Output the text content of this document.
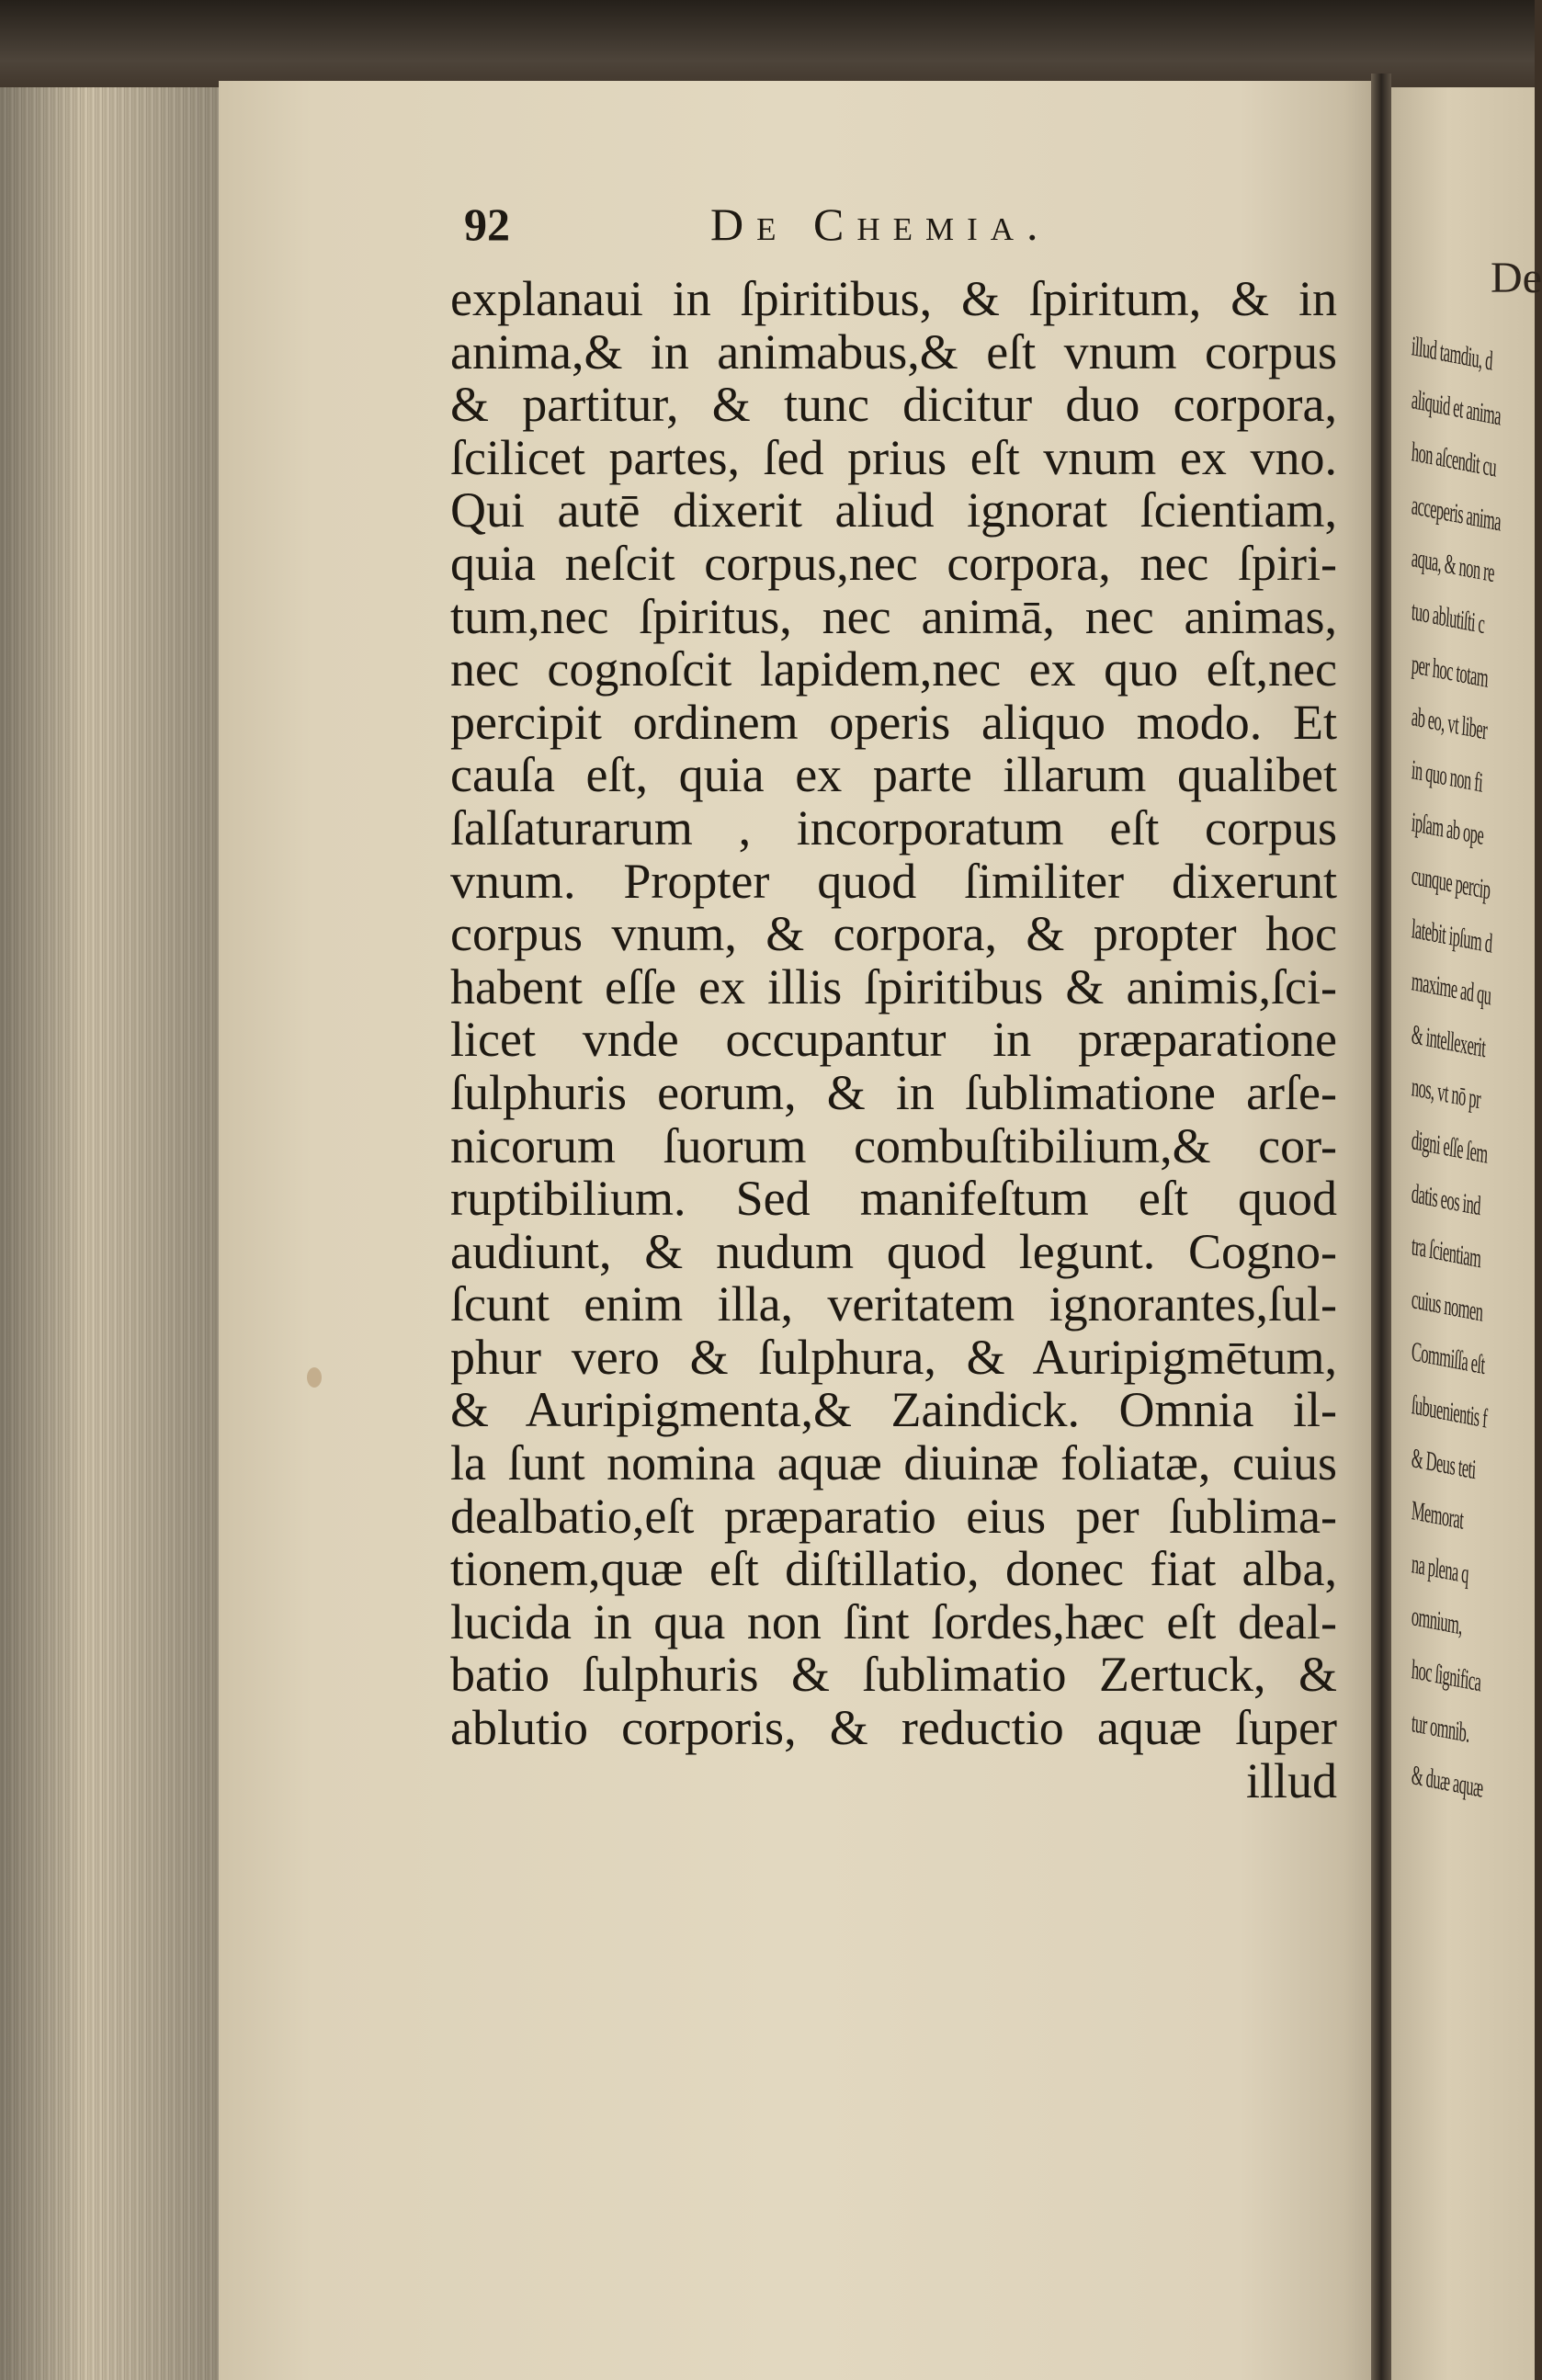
92	De Chemia.
explanaui in ſpiritibus, & ſpiritum, & in
anima,& in animabus,& eſt vnum corpus
& partitur, & tunc dicitur duo corpora,
ſcilicet partes, ſed prius eſt vnum ex vno.
Qui autē dixerit aliud ignorat ſcientiam,
quia neſcit corpus,nec corpora, nec ſpiri-
tum,nec ſpiritus, nec animā, nec animas,
nec cognoſcit lapidem,nec ex quo eſt,nec
percipit ordinem operis aliquo modo. Et
cauſa eſt, quia ex parte illarum qualibet
ſalſaturarum , incorporatum eſt corpus
vnum. Propter quod ſimiliter dixerunt
corpus vnum, & corpora, & propter hoc
habent eſſe ex illis ſpiritibus & animis,ſci-
licet vnde occupantur in præparatione
ſulphuris eorum, & in ſublimatione arſe-
nicorum ſuorum combuſtibilium,& cor-
ruptibilium. Sed manifeſtum eſt quod
audiunt, & nudum quod legunt. Cogno-
ſcunt enim illa, veritatem ignorantes,ſul-
phur vero & ſulphura, & Auripigmētum,
& Auripigmenta,& Zaindick. Omnia il-
la ſunt nomina aquæ diuinæ foliatæ, cuius
dealbatio,eſt præparatio eius per ſublima-
tionem,quæ eſt diſtillatio, donec fiat alba,
lucida in qua non ſint ſordes,hæc eſt deal-
batio ſulphuris & ſublimatio Zertuck, &
ablutio corporis, & reductio aquæ ſuper
illud
De
illud tamdiu, d
aliquid et anima
hon aſcendit cu
acceperis anima
aqua, & non re
tuo ablutiſti c
per hoc totam
ab eo, vt liber
in quo non fi
ipſam ab ope
cunque percip
latebit ipſum d
maxime ad qu
& intellexerit
nos, vt nō pr
digni eſſe ſem
datis eos ind
tra ſcientiam
cuius nomen
Commiſſa eſt
ſubuenientis f
& Deus teti
Memorat
na plena q
omnium,
hoc ſignifica
tur omnib.
& duæ aquæ
